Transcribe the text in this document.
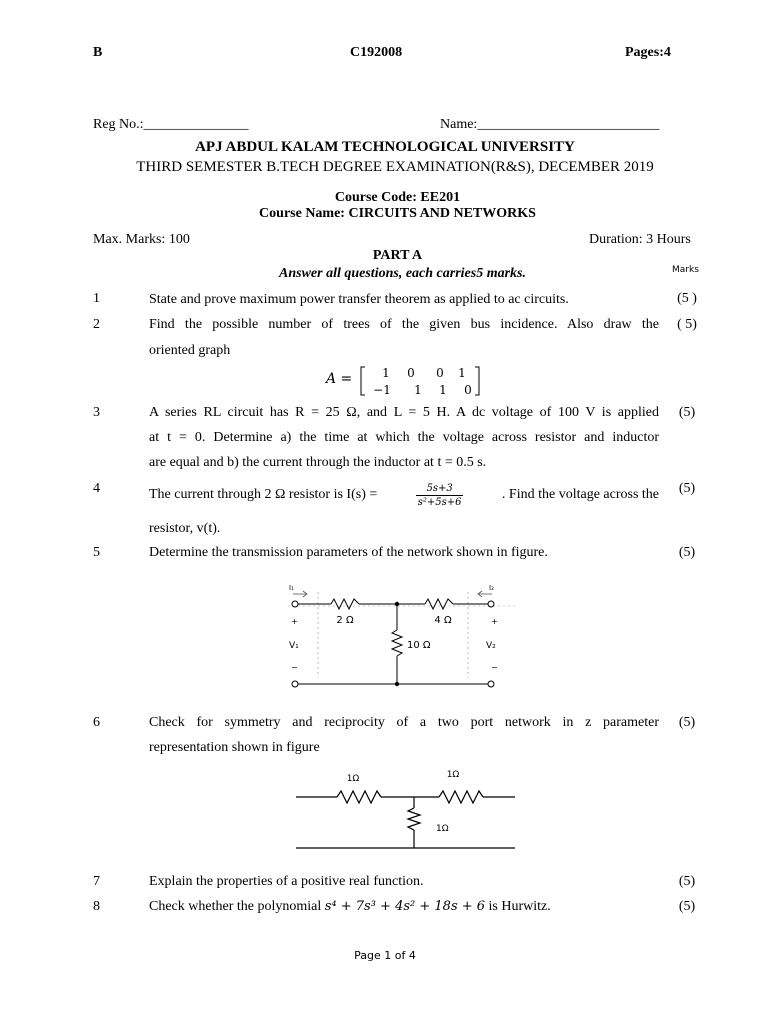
B	C192008	Pages:4
Reg No.:_______________	Name:__________________________
APJ ABDUL KALAM TECHNOLOGICAL UNIVERSITY
THIRD SEMESTER B.TECH DEGREE EXAMINATION(R&S), DECEMBER 2019
Course Code: EE201
Course Name: CIRCUITS AND NETWORKS
Max. Marks: 100	Duration: 3 Hours
PART A
Answer all questions, each carries5 marks.	Marks
1	State and prove maximum power transfer theorem as applied to ac circuits.	(5 )
2	Find the possible number of trees of the given bus incidence. Also draw the
oriented graph
( 5)
A = 1 0 0 1
−1 1 1 0
3	A series RL circuit has R = 25 Ω, and L = 5 H. A dc voltage of 100 V is applied
at t = 0. Determine a) the time at which the voltage across resistor and inductor
are equal and b) the current through the inductor at t = 0.5 s.
(5)
4	The current through 2 Ω resistor is I(s) =	$\frac{5s+3}{\text{s²+5s+6}}$	. Find the voltage across the
resistor, v(t).
(5)
5	Determine the transmission parameters of the network shown in figure.	(5)
I₁	I₂
2 Ω	4 Ω
10 Ω
+	+
V₁	V₂
−	−
6	Check for symmetry and reciprocity of a two port network in z parameter
representation shown in figure
(5)
1Ω	1Ω
1Ω
7	Explain the properties of a positive real function.	(5)
8	Check whether the polynomial s⁴ + 7s³ + 4s² + 18s + 6 is Hurwitz.	(5)
Page 1 of 4
